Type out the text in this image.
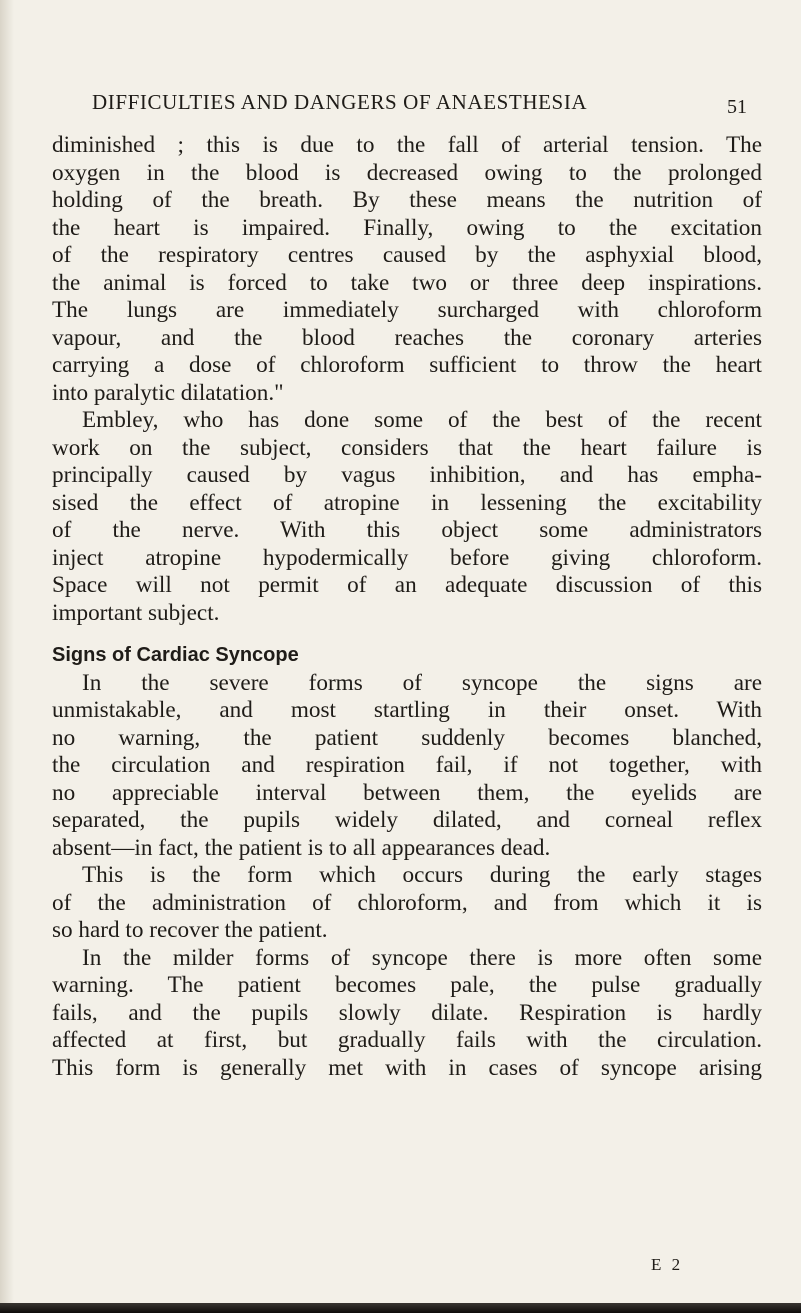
DIFFICULTIES AND DANGERS OF ANAESTHESIA	51

diminished ; this is due to the fall of arterial tension. The
oxygen in the blood is decreased owing to the prolonged
holding of the breath. By these means the nutrition of
the heart is impaired. Finally, owing to the excitation
of the respiratory centres caused by the asphyxial blood,
the animal is forced to take two or three deep inspirations.
The lungs are immediately surcharged with chloroform
vapour, and the blood reaches the coronary arteries
carrying a dose of chloroform sufficient to throw the heart
into paralytic dilatation."

Embley, who has done some of the best of the recent
work on the subject, considers that the heart failure is
principally caused by vagus inhibition, and has empha-
sised the effect of atropine in lessening the excitability
of the nerve. With this object some administrators
inject atropine hypodermically before giving chloroform.
Space will not permit of an adequate discussion of this
important subject.

Signs of Cardiac Syncope

In the severe forms of syncope the signs are
unmistakable, and most startling in their onset. With
no warning, the patient suddenly becomes blanched,
the circulation and respiration fail, if not together, with
no appreciable interval between them, the eyelids are
separated, the pupils widely dilated, and corneal reflex
absent—in fact, the patient is to all appearances dead.

This is the form which occurs during the early stages
of the administration of chloroform, and from which it is
so hard to recover the patient.

In the milder forms of syncope there is more often some
warning. The patient becomes pale, the pulse gradually
fails, and the pupils slowly dilate. Respiration is hardly
affected at first, but gradually fails with the circulation.
This form is generally met with in cases of syncope arising

E 2
